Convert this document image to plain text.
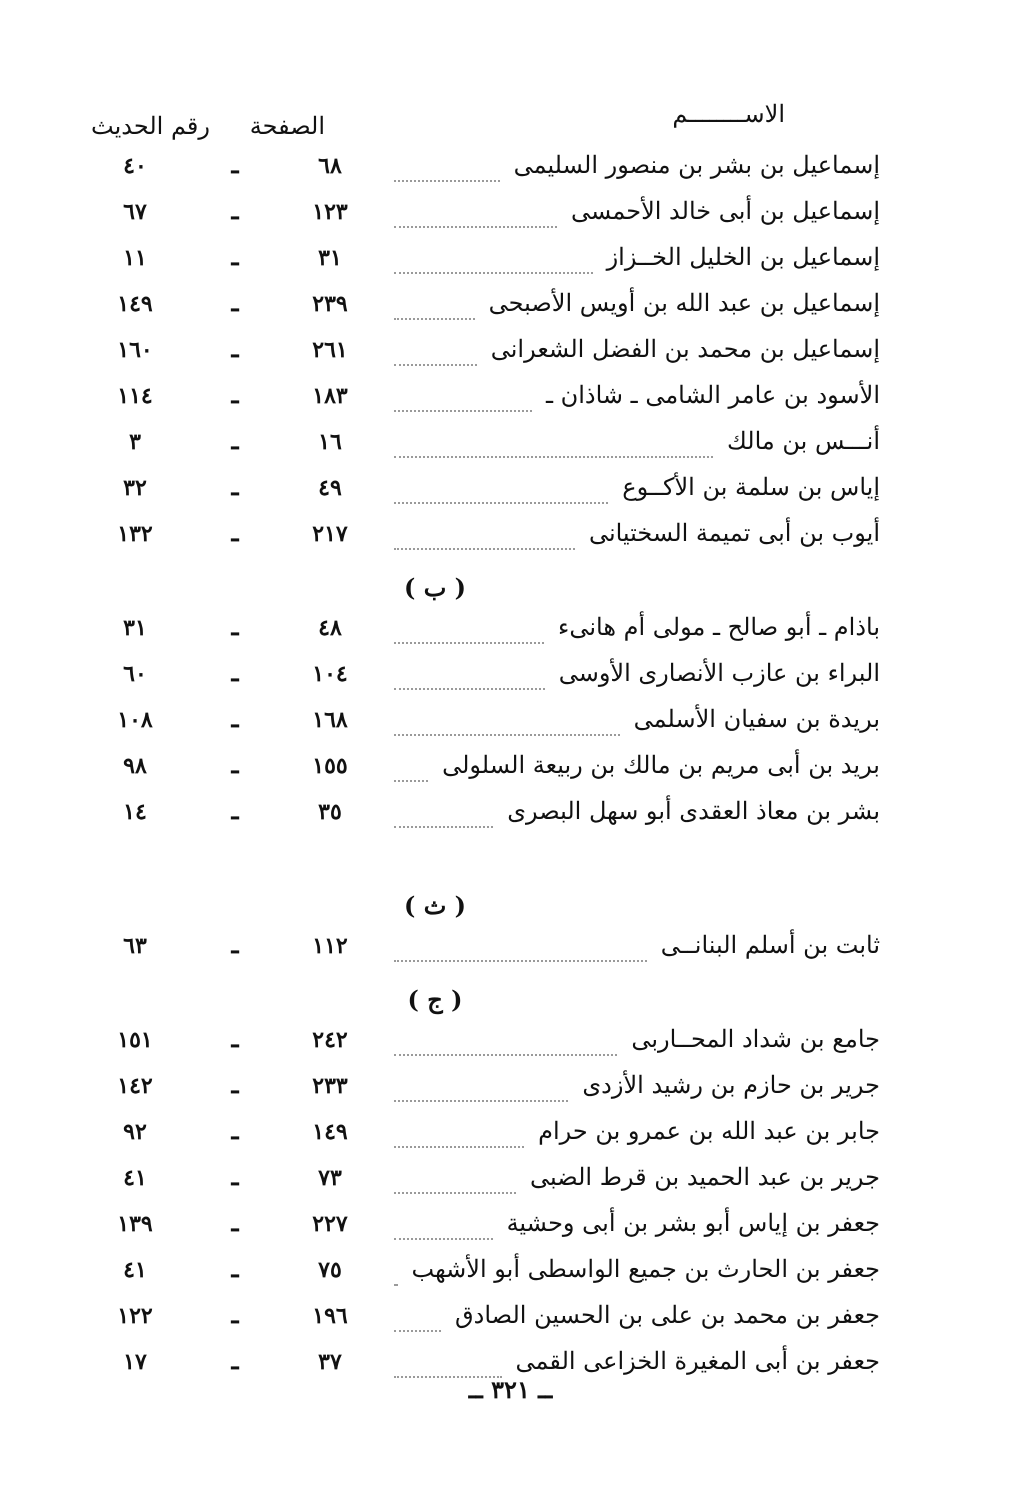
الاســــــــم
الصفحة
رقم الحديث
إسماعيل بن بشر بن منصور السليمى
٦٨
ـ
٤٠
إسماعيل بن أبى خالد الأحمسى
١٢٣
ـ
٦٧
إسماعيل بن الخليل الخــزاز
٣١
ـ
١١
إسماعيل بن عبد الله بن أويس الأصبحى
٢٣٩
ـ
١٤٩
إسماعيل بن محمد بن الفضل الشعرانى
٢٦١
ـ
١٦٠
الأسود بن عامر الشامى ـ شاذان ـ
١٨٣
ـ
١١٤
أنـــس بن مالك
١٦
ـ
٣
إياس بن سلمة بن الأكــوع
٤٩
ـ
٣٢
أيوب بن أبى تميمة السختيانى
٢١٧
ـ
١٣٢
( ب )
باذام ـ أبو صالح ـ مولى أم هانىء
٤٨
ـ
٣١
البراء بن عازب الأنصارى الأوسى
١٠٤
ـ
٦٠
بريدة بن سفيان الأسلمى
١٦٨
ـ
١٠٨
بريد بن أبى مريم بن مالك بن ربيعة السلولى
١٥٥
ـ
٩٨
بشر بن معاذ العقدى أبو سهل البصرى
٣٥
ـ
١٤
( ث )
ثابت بن أسلم البنانــى
١١٢
ـ
٦٣
( ج )
جامع بن شداد المحــاربى
٢٤٢
ـ
١٥١
جرير بن حازم بن رشيد الأزدى
٢٣٣
ـ
١٤٢
جابر بن عبد الله بن عمرو بن حرام
١٤٩
ـ
٩٢
جرير بن عبد الحميد بن قرط الضبى
٧٣
ـ
٤١
جعفر بن إياس أبو بشر بن أبى وحشية
٢٢٧
ـ
١٣٩
جعفر بن الحارث بن جميع الواسطى أبو الأشهب
٧٥
ـ
٤١
جعفر بن محمد بن على بن الحسين الصادق
١٩٦
ـ
١٢٢
جعفر بن أبى المغيرة الخزاعى القمى
٣٧
ـ
١٧
ــ ٣٢١ ــ
